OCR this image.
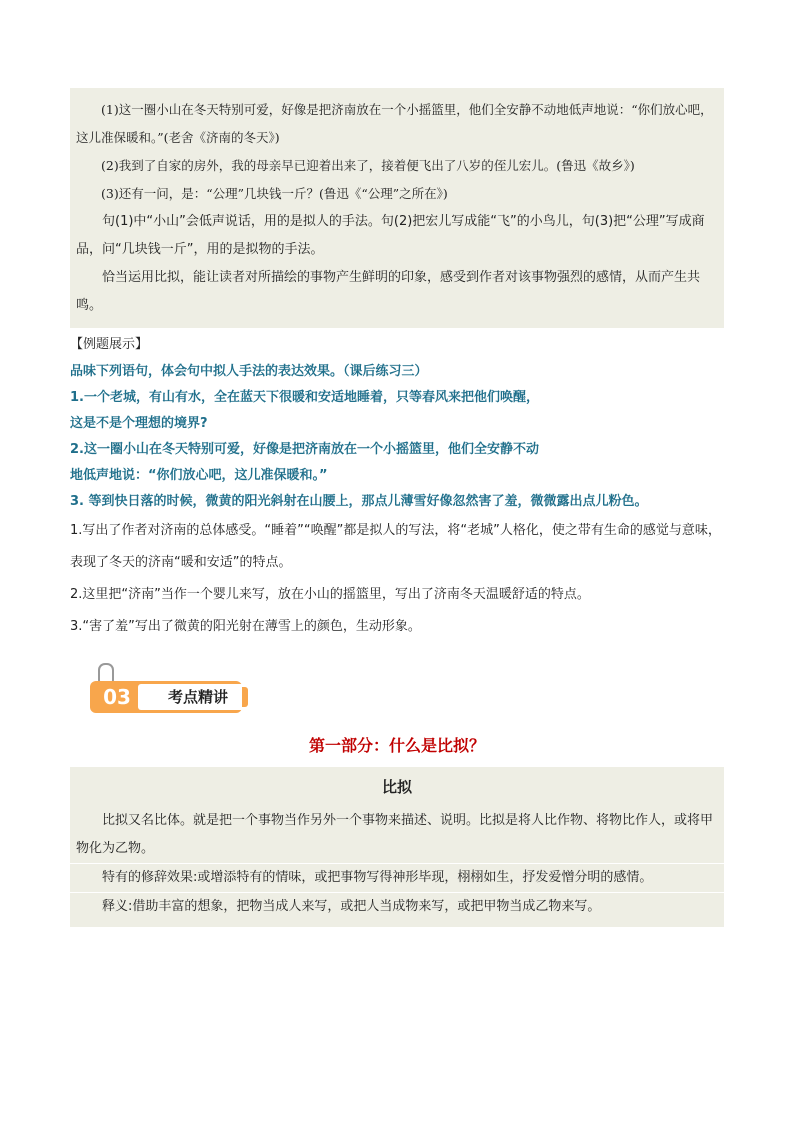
(1)这一圈小山在冬天特别可爱，好像是把济南放在一个小摇篮里，他们全安静不动地低声地说：“你们放心吧，这儿准保暖和。”(老舍《济南的冬天》)

(2)我到了自家的房外，我的母亲早已迎着出来了，接着便飞出了八岁的侄儿宏儿。(鲁迅《故乡》)

(3)还有一问，是：“公理”几块钱一斤？(鲁迅《“公理”之所在》)

句(1)中“小山”会低声说话，用的是拟人的手法。句(2)把宏儿写成能“飞”的小鸟儿，句(3)把“公理”写成商品，问“几块钱一斤”，用的是拟物的手法。

恰当运用比拟，能让读者对所描绘的事物产生鲜明的印象，感受到作者对该事物强烈的感情，从而产生共鸣。

【例题展示】

品味下列语句，体会句中拟人手法的表达效果。（课后练习三）

1.一个老城，有山有水，全在蓝天下很暖和安适地睡着，只等春风来把他们唤醒，

这是不是个理想的境界?

2.这一圈小山在冬天特别可爱，好像是把济南放在一个小摇篮里，他们全安静不动

地低声地说：“你们放心吧，这儿准保暖和。”

3. 等到快日落的时候，微黄的阳光斜射在山腰上，那点儿薄雪好像忽然害了羞，微微露出点儿粉色。

1.写出了作者对济南的总体感受。“睡着”“唤醒”都是拟人的写法，将“老城”人格化，使之带有生命的感觉与意味，表现了冬天的济南“暖和安适”的特点。

2.这里把“济南”当作一个婴儿来写，放在小山的摇篮里，写出了济南冬天温暖舒适的特点。

3.“害了羞”写出了微黄的阳光射在薄雪上的颜色，生动形象。

03	考点精讲
第一部分：什么是比拟？
比拟

比拟又名比体。就是把一个事物当作另外一个事物来描述、说明。比拟是将人比作物、将物比作人，或将甲物化为乙物。

特有的修辞效果:或增添特有的情味，或把事物写得神形毕现，栩栩如生，抒发爱憎分明的感情。

释义:借助丰富的想象，把物当成人来写，或把人当成物来写，或把甲物当成乙物来写。
